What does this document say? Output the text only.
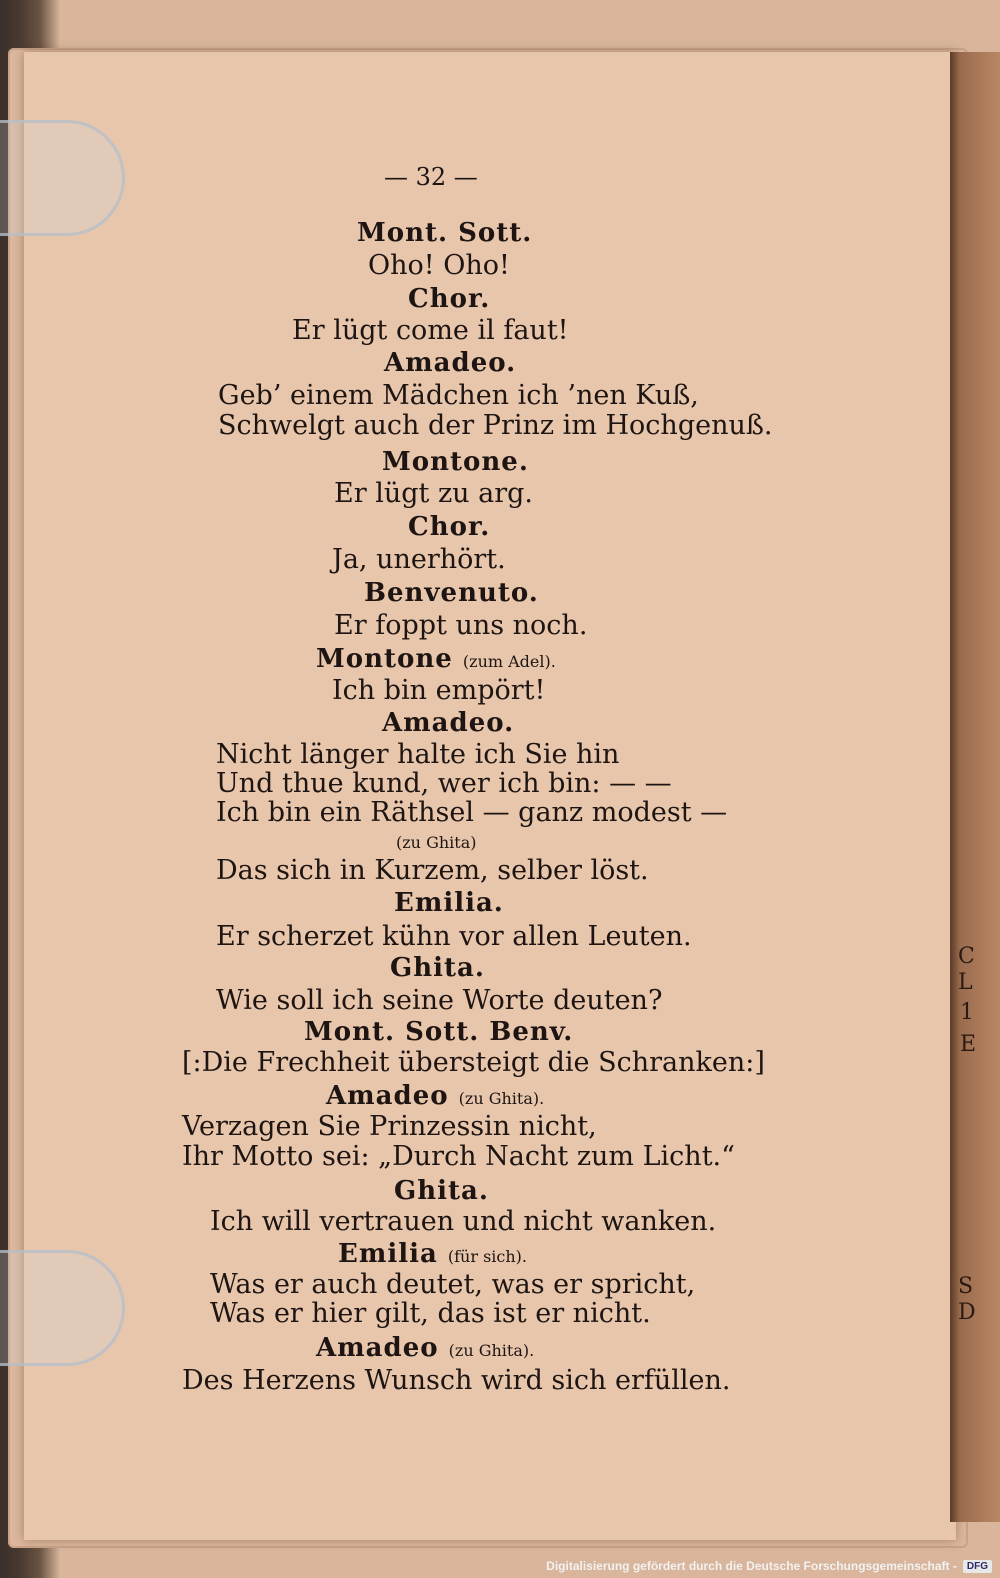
C
L
1
E
S
D
— 32 —
Mont. Sott.
Oho! Oho!
Chor.
Er lügt come il faut!
Amadeo.
Geb’ einem Mädchen ich ’nen Kuß,
Schwelgt auch der Prinz im Hochgenuß.
Montone.
Er lügt zu arg.
Chor.
Ja, unerhört.
Benvenuto.
Er foppt uns noch.
Montone (zum Adel).
Ich bin empört!
Amadeo.
Nicht länger halte ich Sie hin
Und thue kund, wer ich bin: — —
Ich bin ein Räthsel — ganz modest —
(zu Ghita)
Das sich in Kurzem, selber löst.
Emilia.
Er scherzet kühn vor allen Leuten.
Ghita.
Wie soll ich seine Worte deuten?
Mont. Sott. Benv.
[:Die Frechheit übersteigt die Schranken:]
Amadeo (zu Ghita).
Verzagen Sie Prinzessin nicht,
Ihr Motto sei: „Durch Nacht zum Licht.“
Ghita.
Ich will vertrauen und nicht wanken.
Emilia (für sich).
Was er auch deutet, was er spricht,
Was er hier gilt, das ist er nicht.
Amadeo (zu Ghita).
Des Herzens Wunsch wird sich erfüllen.
Digitalisierung gefördert durch die Deutsche Forschungsgemeinschaft -	DFG
